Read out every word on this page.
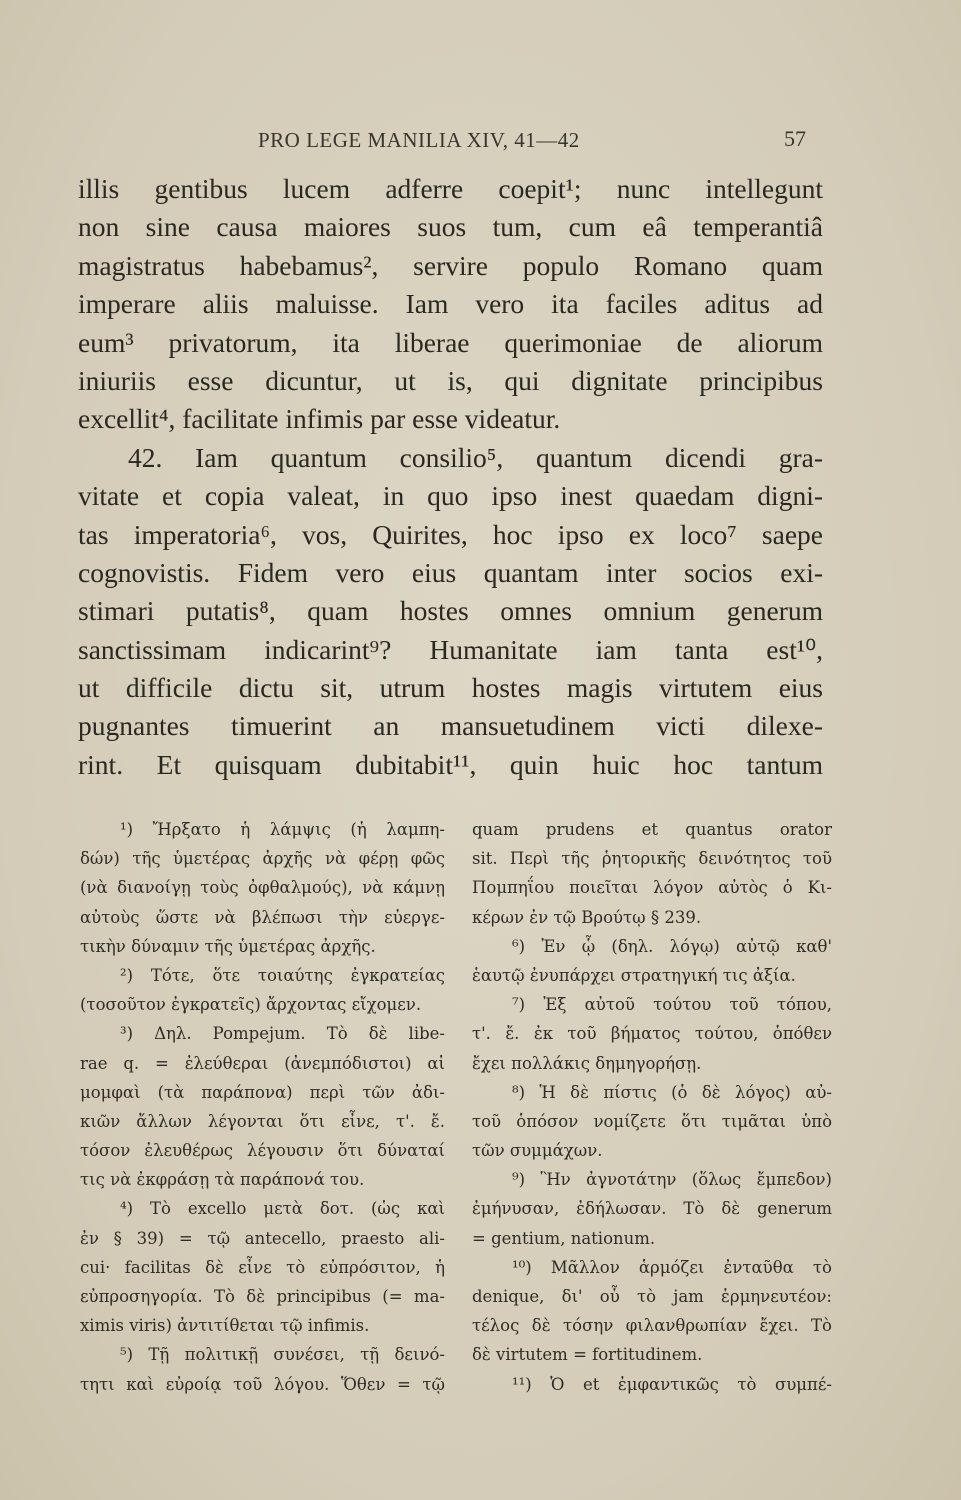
PRO LEGE MANILIA XIV, 41—42	57
illis gentibus lucem adferre coepit¹; nunc intellegunt
non sine causa maiores suos tum, cum eâ temperantiâ
magistratus habebamus², servire populo Romano quam
imperare aliis maluisse. Iam vero ita faciles aditus ad
eum³ privatorum, ita liberae querimoniae de aliorum
iniuriis esse dicuntur, ut is, qui dignitate principibus
excellit⁴, facilitate infimis par esse videatur.
42. Iam quantum consilio⁵, quantum dicendi gra-
vitate et copia valeat, in quo ipso inest quaedam digni-
tas imperatoria⁶, vos, Quirites, hoc ipso ex loco⁷ saepe
cognovistis. Fidem vero eius quantam inter socios exi-
stimari putatis⁸, quam hostes omnes omnium generum
sanctissimam indicarint⁹? Humanitate iam tanta est¹⁰,
ut difficile dictu sit, utrum hostes magis virtutem eius
pugnantes timuerint an mansuetudinem victi dilexe-
rint. Et quisquam dubitabit¹¹, quin huic hoc tantum
¹) Ἤρξατο ἡ λάμψις (ἡ λαμπη-
δών) τῆς ὑμετέρας ἀρχῆς νὰ φέρῃ φῶς
(νὰ διανοίγῃ τοὺς ὀφθαλμούς), νὰ κάμνῃ
αὐτοὺς ὥστε νὰ βλέπωσι τὴν εὐεργε-
τικὴν δύναμιν τῆς ὑμετέρας ἀρχῆς.
²) Τότε, ὅτε τοιαύτης ἐγκρατείας
(τοσοῦτον ἐγκρατεῖς) ἄρχοντας εἴχομεν.
³) Δηλ. Pompejum. Τὸ δὲ libe-
rae q. = ἐλεύθεραι (ἀνεμπόδιστοι) αἱ
μομφαὶ (τὰ παράπονα) περὶ τῶν ἀδι-
κιῶν ἄλλων λέγονται ὅτι εἶνε, τ'. ἔ.
τόσον ἐλευθέρως λέγουσιν ὅτι δύναταί
τις νὰ ἐκφράσῃ τὰ παράπονά του.
⁴) Τὸ excello μετὰ δοτ. (ὡς καὶ
ἐν § 39) = τῷ antecello, praesto ali-
cui· facilitas δὲ εἶνε τὸ εὐπρόσιτον, ἡ
εὐπροσηγορία. Τὸ δὲ principibus (= ma-
ximis viris) ἀντιτίθεται τῷ infimis.
⁵) Τῇ πολιτικῇ συνέσει, τῇ δεινό-
τητι καὶ εὐροίᾳ τοῦ λόγου. Ὅθεν = τῷ
quam prudens et quantus orator
sit. Περὶ τῆς ῥητορικῆς δεινότητος τοῦ
Πομπηΐου ποιεῖται λόγον αὐτὸς ὁ Κι-
κέρων ἐν τῷ Βρούτῳ § 239.
⁶) Ἐν ᾧ (δηλ. λόγῳ) αὐτῷ καθ'
ἑαυτῷ ἐνυπάρχει στρατηγική τις ἀξία.
⁷) Ἐξ αὐτοῦ τούτου τοῦ τόπου,
τ'. ἔ. ἐκ τοῦ βήματος τούτου, ὁπόθεν
ἔχει πολλάκις δημηγορήσῃ.
⁸) Ἡ δὲ πίστις (ὁ δὲ λόγος) αὐ-
τοῦ ὁπόσον νομίζετε ὅτι τιμᾶται ὑπὸ
τῶν συμμάχων.
⁹) Ἣν ἀγνοτάτην (ὅλως ἔμπεδον)
ἐμήνυσαν, ἐδήλωσαν. Τὸ δὲ generum
= gentium, nationum.
¹⁰) Μᾶλλον ἁρμόζει ἐνταῦθα τὸ
denique, δι' οὗ τὸ jam ἑρμηνευτέον:
τέλος δὲ τόσην φιλανθρωπίαν ἔχει. Τὸ
δὲ virtutem = fortitudinem.
¹¹) Ὁ et ἐμφαντικῶς τὸ συμπέ-
